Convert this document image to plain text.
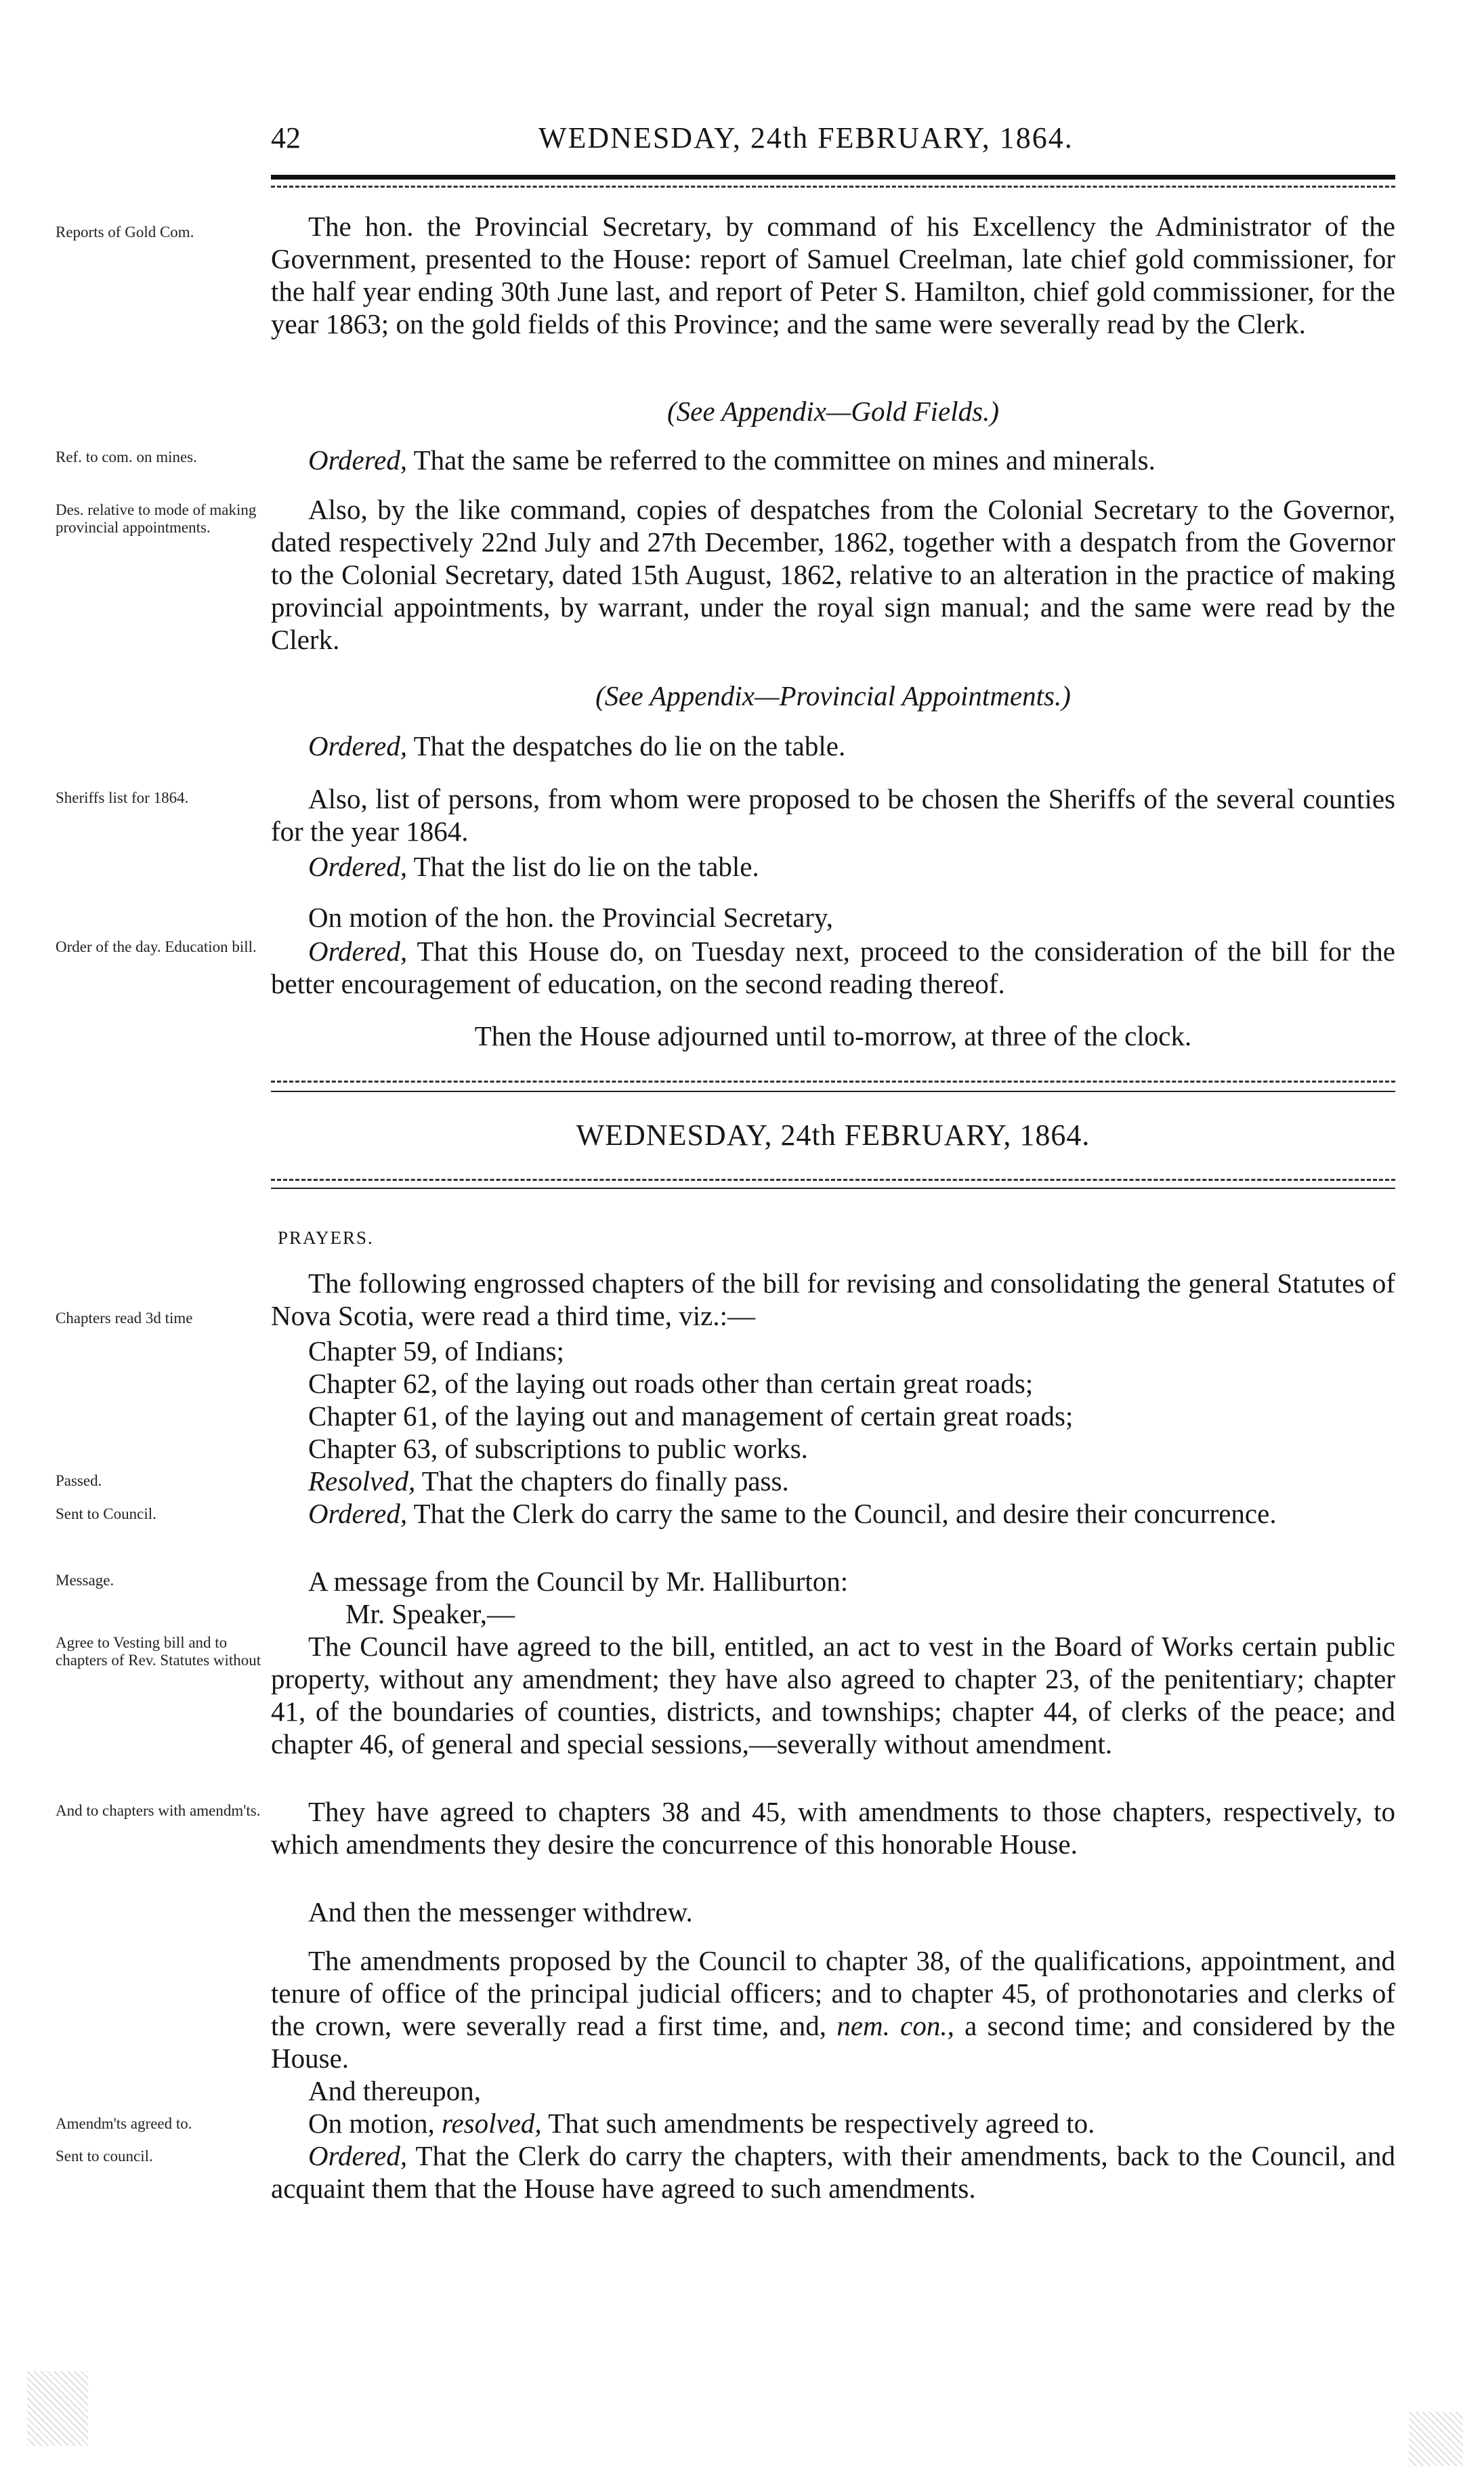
42	WEDNESDAY, 24th FEBRUARY, 1864.
Reports of Gold Com.	The hon. the Provincial Secretary, by command of his Excellency the Administrator of the Government, presented to the House: report of Samuel Creelman, late chief gold commissioner, for the half year ending 30th June last, and report of Peter S. Hamilton, chief gold commissioner, for the year 1863; on the gold fields of this Province; and the same were severally read by the Clerk.
(See Appendix—Gold Fields.)
Ref. to com. on mines.	Ordered, That the same be referred to the committee on mines and minerals.
Des. relative to mode of making provincial appointments.
Also, by the like command, copies of despatches from the Colonial Secretary to the Governor, dated respectively 22nd July and 27th December, 1862, together with a despatch from the Governor to the Colonial Secretary, dated 15th August, 1862, relative to an alteration in the practice of making provincial appointments, by warrant, under the royal sign manual; and the same were read by the Clerk.
(See Appendix—Provincial Appointments.)
Ordered, That the despatches do lie on the table.
Sheriffs list for 1864.	Also, list of persons, from whom were proposed to be chosen the Sheriffs of the several counties for the year 1864.
Ordered, That the list do lie on the table.
On motion of the hon. the Provincial Secretary,
Order of the day. Education bill.	Ordered, That this House do, on Tuesday next, proceed to the consideration of the bill for the better encouragement of education, on the second reading thereof.
Then the House adjourned until to-morrow, at three of the clock.
WEDNESDAY, 24th FEBRUARY, 1864.
PRAYERS.
The following engrossed chapters of the bill for revising and consolidating the general Statutes of Nova Scotia, were read a third time, viz.:—
Chapters read 3d time
Chapter 59, of Indians;
Chapter 62, of the laying out roads other than certain great roads;
Chapter 61, of the laying out and management of certain great roads;
Chapter 63, of subscriptions to public works.
Passed.	Resolved, That the chapters do finally pass.
Sent to Council.	Ordered, That the Clerk do carry the same to the Council, and desire their concurrence.
Message.	A message from the Council by Mr. Halliburton:
Mr. Speaker,—
Agree to Vesting bill and to chapters of Rev. Statutes without	The Council have agreed to the bill, entitled, an act to vest in the Board of Works certain public property, without any amendment; they have also agreed to chapter 23, of the penitentiary; chapter 41, of the boundaries of counties, districts, and townships; chapter 44, of clerks of the peace; and chapter 46, of general and special sessions,—severally without amendment.
And to chapters with amendm'ts.	They have agreed to chapters 38 and 45, with amendments to those chapters, respectively, to which amendments they desire the concurrence of this honorable House.
And then the messenger withdrew.
The amendments proposed by the Council to chapter 38, of the qualifications, appointment, and tenure of office of the principal judicial officers; and to chapter 45, of prothonotaries and clerks of the crown, were severally read a first time, and, nem. con., a second time; and considered by the House.
And thereupon,
Amendm'ts agreed to.	On motion, resolved, That such amendments be respectively agreed to.
Sent to council.	Ordered, That the Clerk do carry the chapters, with their amendments, back to the Council, and acquaint them that the House have agreed to such amendments.
